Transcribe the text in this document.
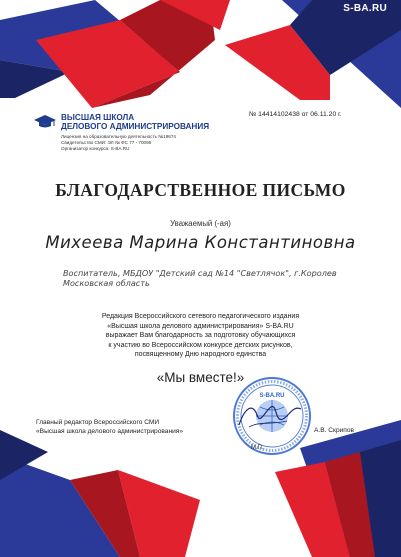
S-BA.RU
№ 14414102438 от 06.11.20 г.
ВЫСШАЯ ШКОЛА
ДЕЛОВОГО АДМИНИСТРИРОВАНИЯ
Лицензия на образовательную деятельность №19674
Свидетельство СМИ: ЭЛ № ФС 77 - 70095
Организатор конкурса: S-BA.RU
БЛАГОДАРСТВЕННОЕ ПИСЬМО
Уважаемый (-ая)
Михеева Марина Константиновна
Воспитатель, МБДОУ "Детский сад №14 "Светлячок", г.Королев
Московская область
Редакция Всероссийского сетевого педагогического издания
«Высшая школа делового администрирования» S-BA.RU
выражает Вам благодарность за подготовку обучающихся
к участию во Всероссийском конкурсе детских рисунков,
посвященному Дню народного единства
«Мы вместе!»
S-BA.RU
Главный редактор Всероссийского СМИ
«Высшая школа делового администрирования»	А.В. Скрипов
М.П.
